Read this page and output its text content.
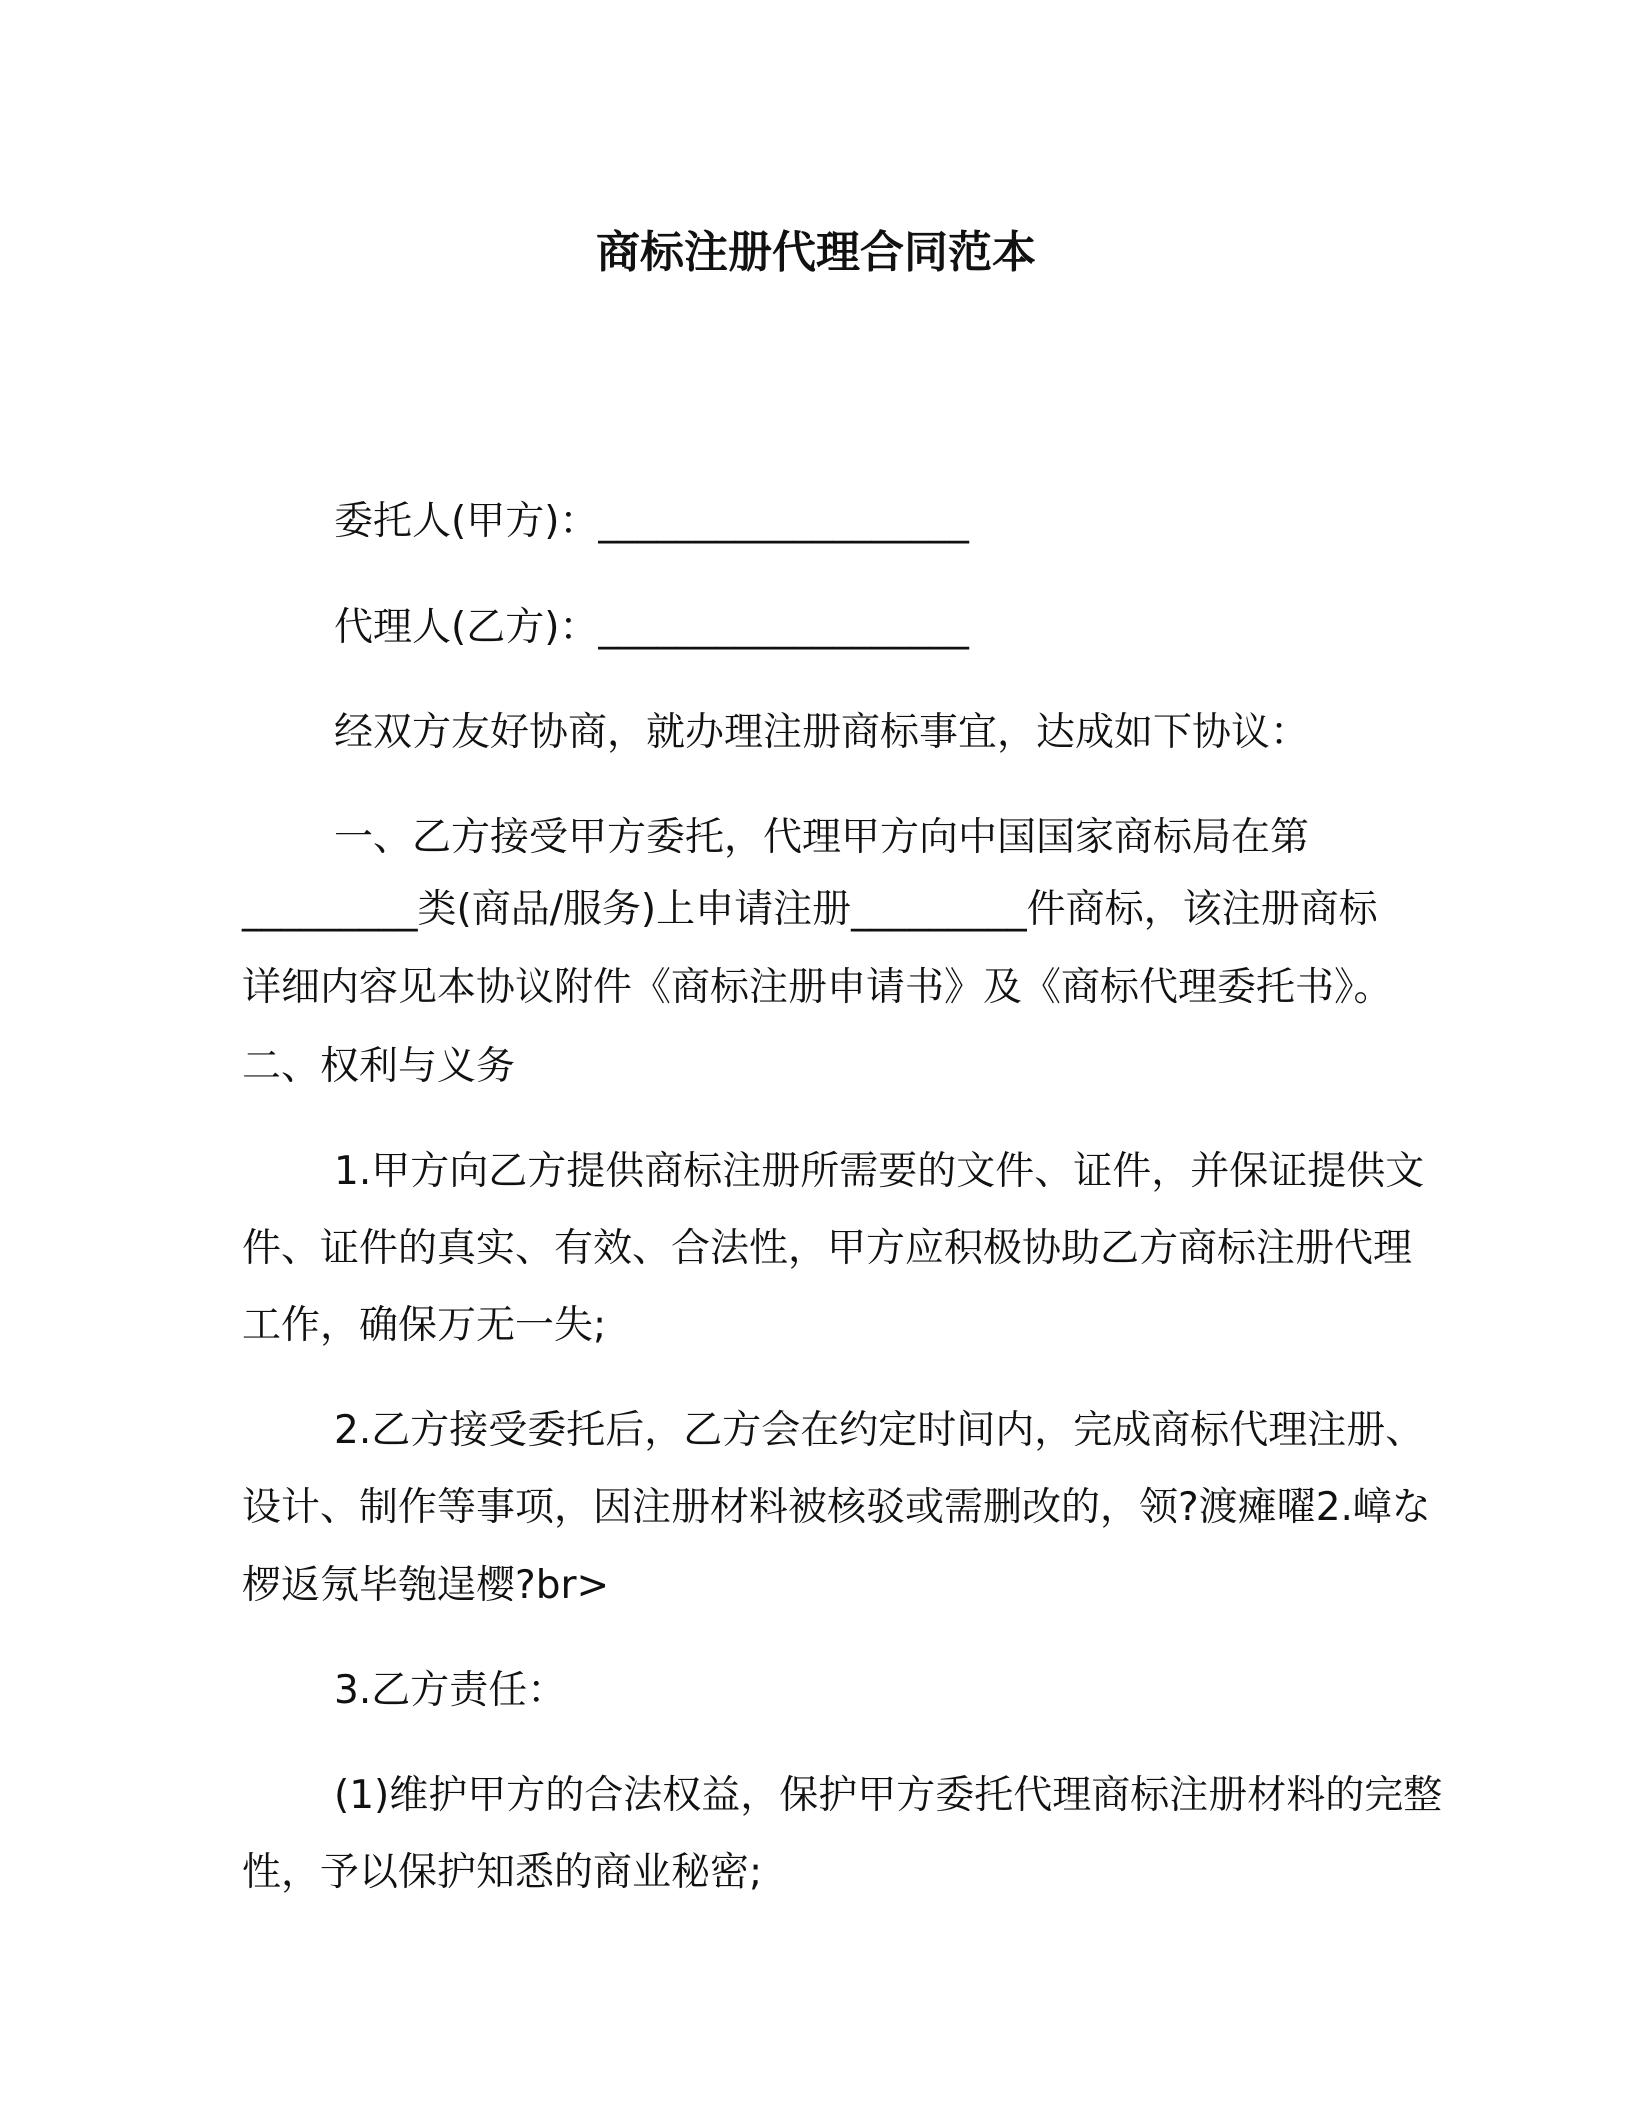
商标注册代理合同范本

委托人(甲方)：___________________

代理人(乙方)：___________________

经双方友好协商，就办理注册商标事宜，达成如下协议：

一、乙方接受甲方委托，代理甲方向中国国家商标局在第

_________类(商品/服务)上申请注册_________件商标，该注册商标

详细内容见本协议附件《商标注册申请书》及《商标代理委托书》。

二、权利与义务

1.甲方向乙方提供商标注册所需要的文件、证件，并保证提供文

件、证件的真实、有效、合法性，甲方应积极协助乙方商标注册代理

工作，确保万无一失;

2.乙方接受委托后，乙方会在约定时间内，完成商标代理注册、

设计、制作等事项，因注册材料被核驳或需删改的，领?渡瘫曜2.嶂な

椤返氖毕匏逞樱?br>

3.乙方责任：

(1)维护甲方的合法权益，保护甲方委托代理商标注册材料的完整

性，予以保护知悉的商业秘密;
